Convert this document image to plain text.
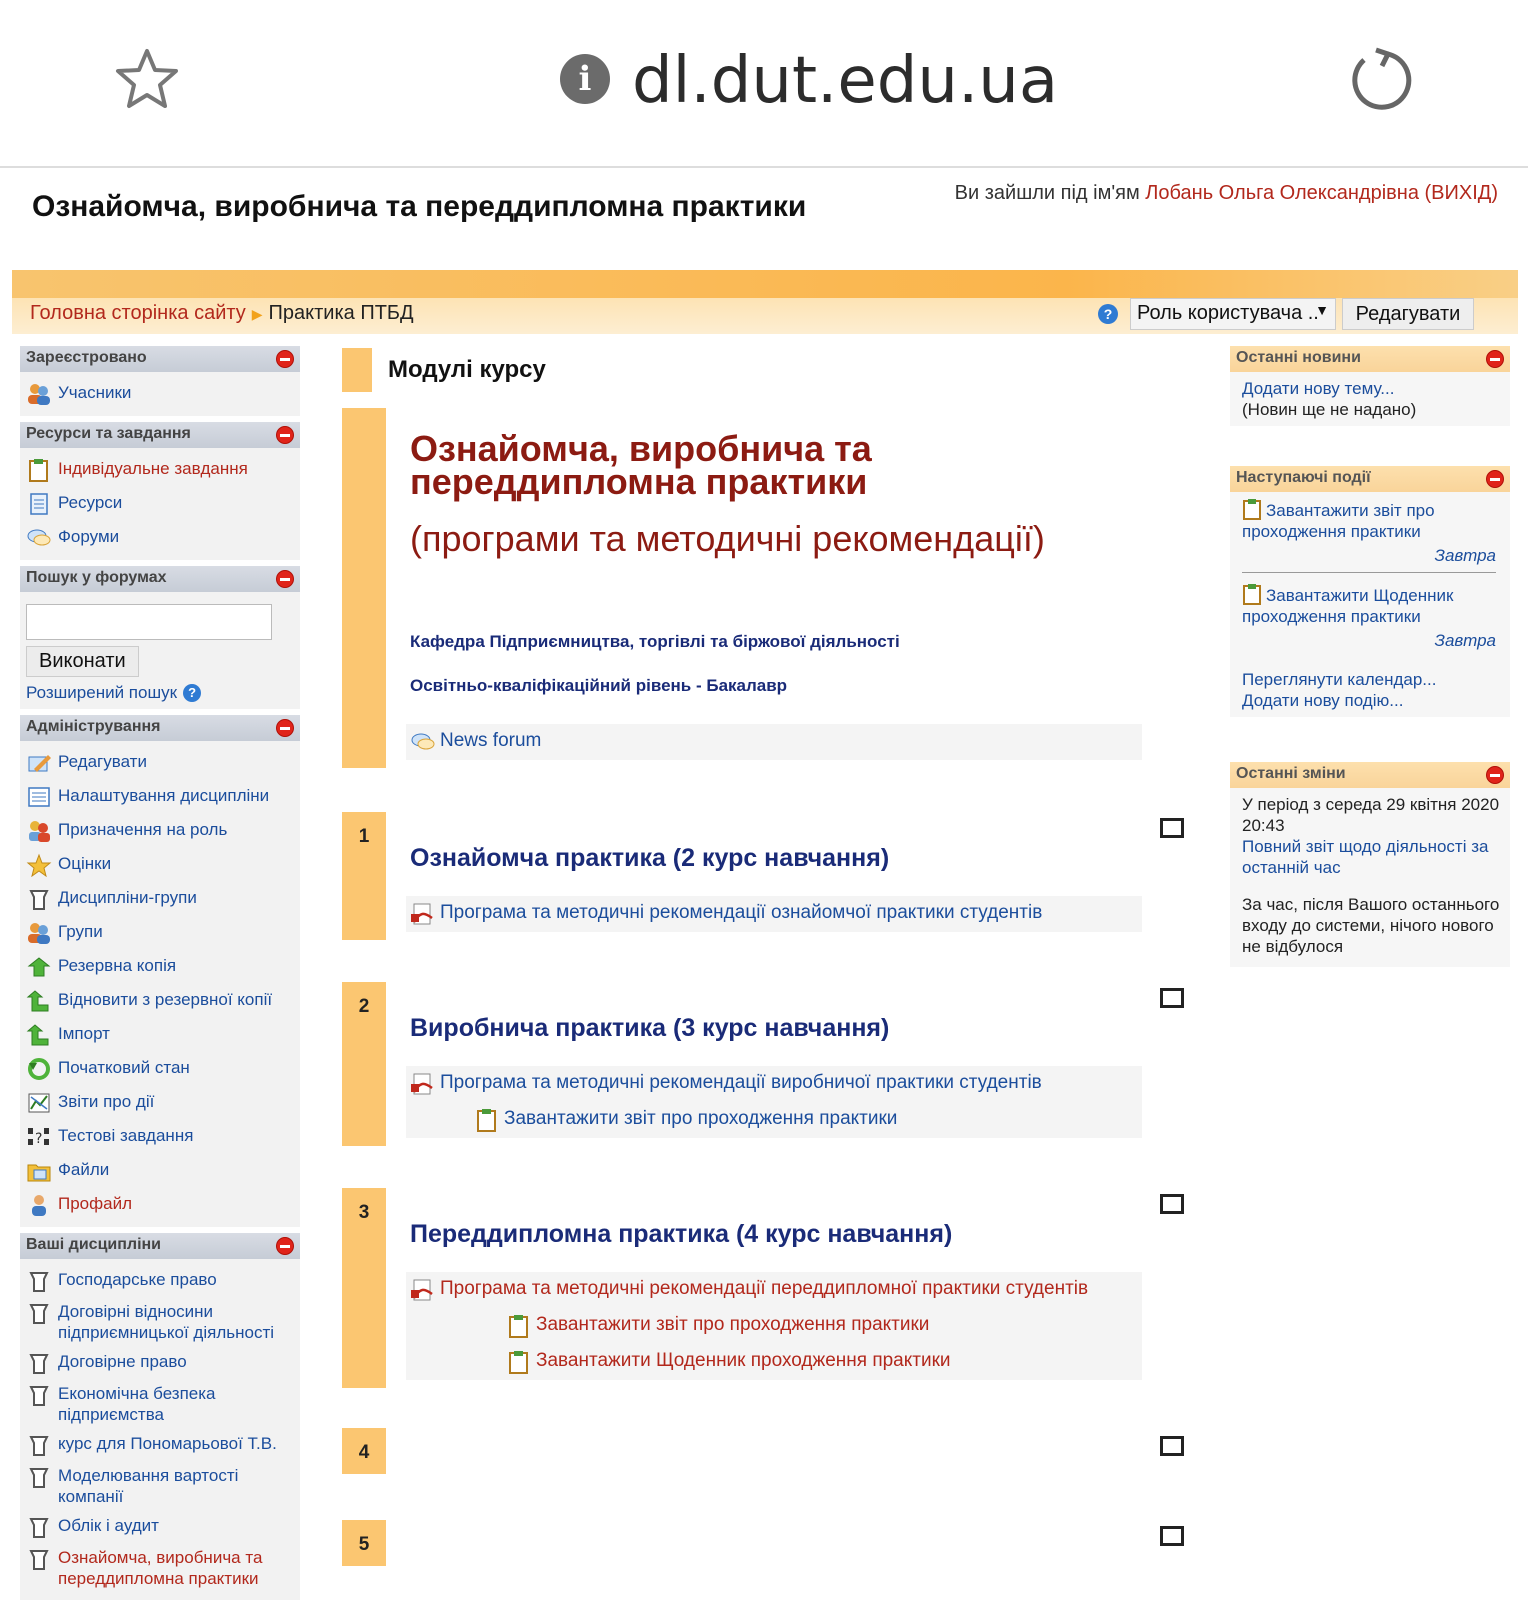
i dl.dut.edu.ua
Ознайомча, виробнича та переддипломна практики	Ви зайшли під ім'ям Лобань Ольга Олександрівна (ВИХІД)
Головна сторінка сайту ▶ Практика ПТБД	?	Роль користувача ..
▼	Редагувати
Зареєстровано
Учасники
Ресурси та завдання
Індивідуальне завдання
Ресурси
Форуми
Пошук у форумах
Виконати
Розширений пошук ?
Адміністрування
Редагувати
Налаштування дисципліни
Призначення на роль
Оцінки
Дисципліни-групи
Групи
Резервна копія
Відновити з резервної копії
Імпорт
Початковий стан
Звіти про дії
? Тестові завдання
Файли
Профайл
Ваші дисципліни
Господарське право
Договірні відносини підприємницької діяльності
Договірне право
Економічна безпека підприємства
курс для Пономарьової Т.В.
Моделювання вартості компанії
Облік і аудит
Ознайомча, виробнича та переддипломна практики
Модулі курсу
Ознайомча, виробнича та
переддипломна практики
(програми та методичні рекомендації)
Кафедра Підприємництва, торгівлі та біржової діяльності
Освітньо-кваліфікаційний рівень - Бакалавр
News forum
1
Ознайомча практика (2 курс навчання)
Програма та методичні рекомендації ознайомчої практики студентів
2
Виробнича практика (3 курс навчання)
Програма та методичні рекомендації виробничої практики студентів
Завантажити звіт про проходження практики
3
Переддипломна практика (4 курс навчання)
Програма та методичні рекомендації переддипломної практики студентів
Завантажити звіт про проходження практики
Завантажити Щоденник проходження практики
4
5
Останні новини
Додати нову тему...
(Новин ще не надано)
Наступаючі події
Завантажити звіт про проходження практики
Завтра
Завантажити Щоденник проходження практики
Завтра
Переглянути календар...
Додати нову подію...
Останні зміни
У період з середа 29 квітня 2020 20:43
Повний звіт щодо діяльності за останній час
За час, після Вашого останнього входу до системи, нічого нового не відбулося
